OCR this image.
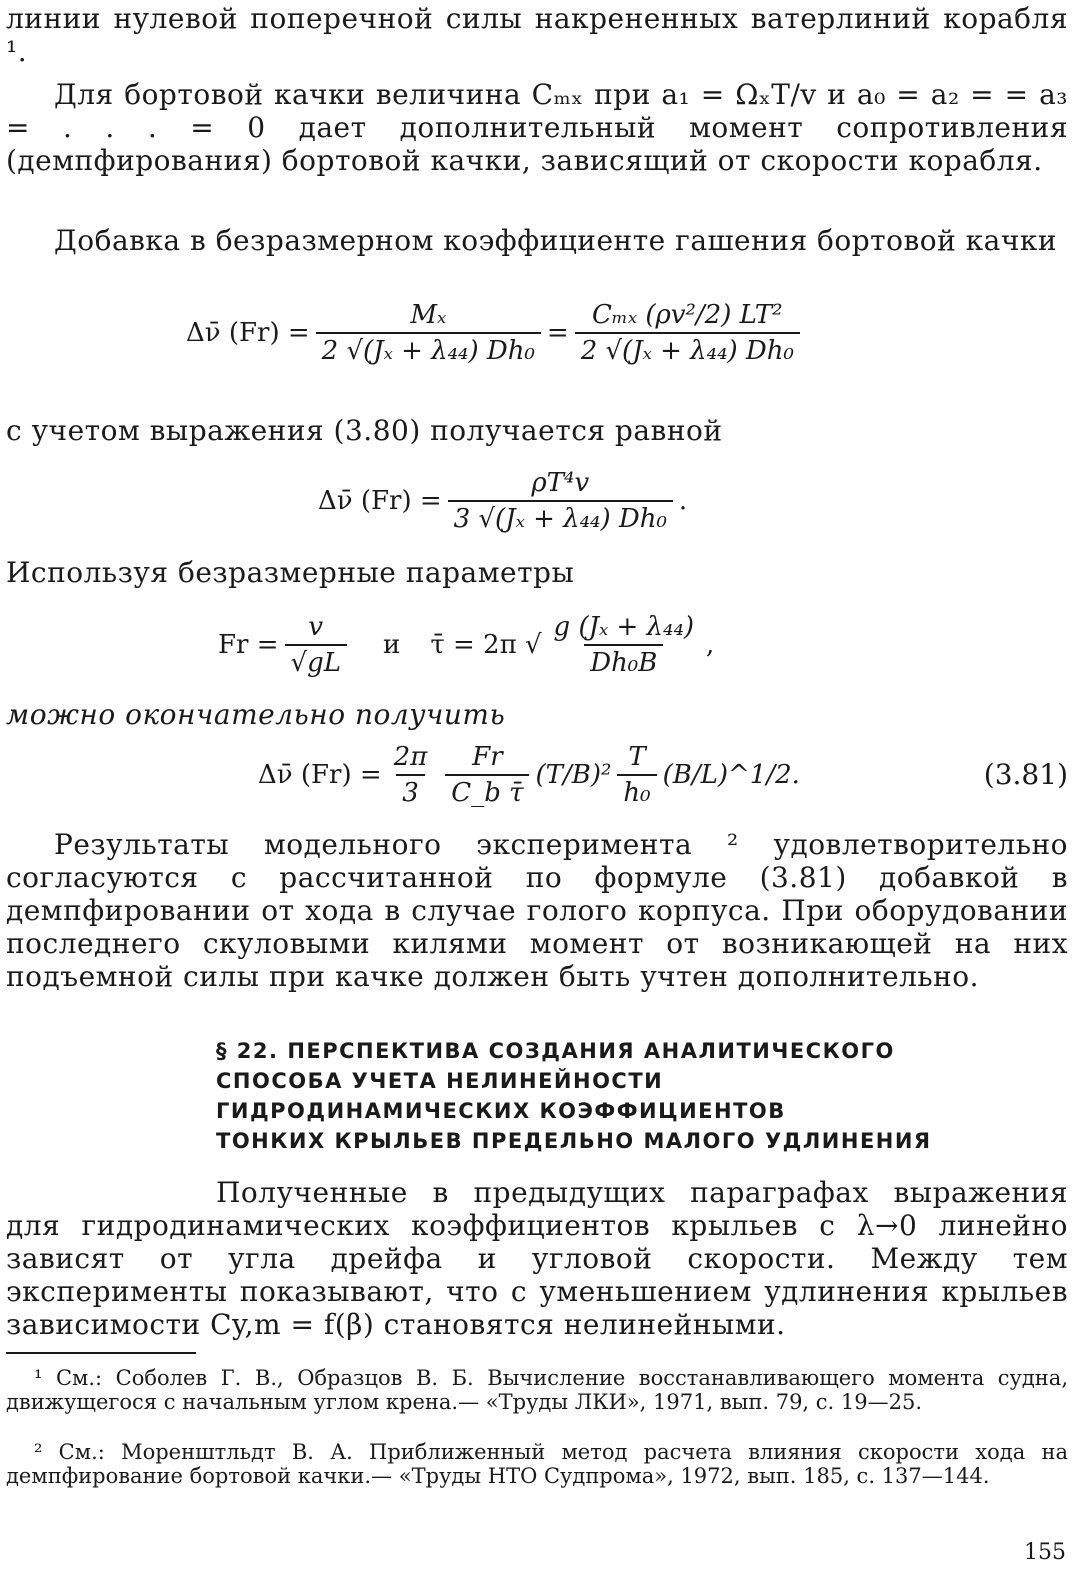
линии нулевой поперечной силы накрененных ватерлиний корабля ¹.
Для бортовой качки величина Cₘₓ при a₁ = ΩₓT/v и a₀ = a₂ = = a₃ = . . . = 0 дает дополнительный момент сопротивления (демпфирования) бортовой качки, зависящий от скорости корабля.
Добавка в безразмерном коэффициенте гашения бортовой качки
Δν̄ $(Fr) = \frac{\text{Mₓ}}{\text{2 √(Jₓ + λ₄₄) Dh₀}} = \frac{\text{Cₘₓ (ρv²/2) LT²}}{\text{2 √(Jₓ + λ₄₄) Dh₀}}$
с учетом выражения (3.80) получается равной
Δν̄ $(Fr) = \frac{\text{ρT⁴v}}{\text{3 √(Jₓ + λ₄₄) Dh₀}}$ .
Используя безразмерные параметры
$Fr = \frac{v}{√gL}$ и τ̄ = 2π √ $\frac{\text{g (Jₓ + λ₄₄)}}{\text{Dh₀B}}$ ,
можно окончательно получить
Δν̄ $(Fr) = \frac{2\pi}{3} \frac{Fr}{\text{C\_b τ̄}} (T/B)^2 \frac{T}{\text{h₀}}$ (B/L)^1/2.	(3.81)
Результаты модельного эксперимента ² удовлетворительно согласуются с рассчитанной по формуле (3.81) добавкой в демпфировании от хода в случае голого корпуса. При оборудовании последнего скуловыми килями момент от возникающей на них подъемной силы при качке должен быть учтен дополнительно.
§ 22. ПЕРСПЕКТИВА СОЗДАНИЯ АНАЛИТИЧЕСКОГО
СПОСОБА УЧЕТА НЕЛИНЕЙНОСТИ
ГИДРОДИНАМИЧЕСКИХ КОЭФФИЦИЕНТОВ
ТОНКИХ КРЫЛЬЕВ ПРЕДЕЛЬНО МАЛОГО УДЛИНЕНИЯ
Полученные в предыдущих параграфах выражения для гидродинамических коэффициентов крыльев с λ→0 линейно зависят от угла дрейфа и угловой скорости. Между тем эксперименты показывают, что с уменьшением удлинения крыльев зависимости Cy,m = f(β) становятся нелинейными.
¹ См.: Соболев Г. В., Образцов В. Б. Вычисление восстанавливающего момента судна, движущегося с начальным углом крена.— «Труды ЛКИ», 1971, вып. 79, с. 19—25.
² См.: Моренштльдт В. А. Приближенный метод расчета влияния скорости хода на демпфирование бортовой качки.— «Труды НТО Судпрома», 1972, вып. 185, с. 137—144.
155
